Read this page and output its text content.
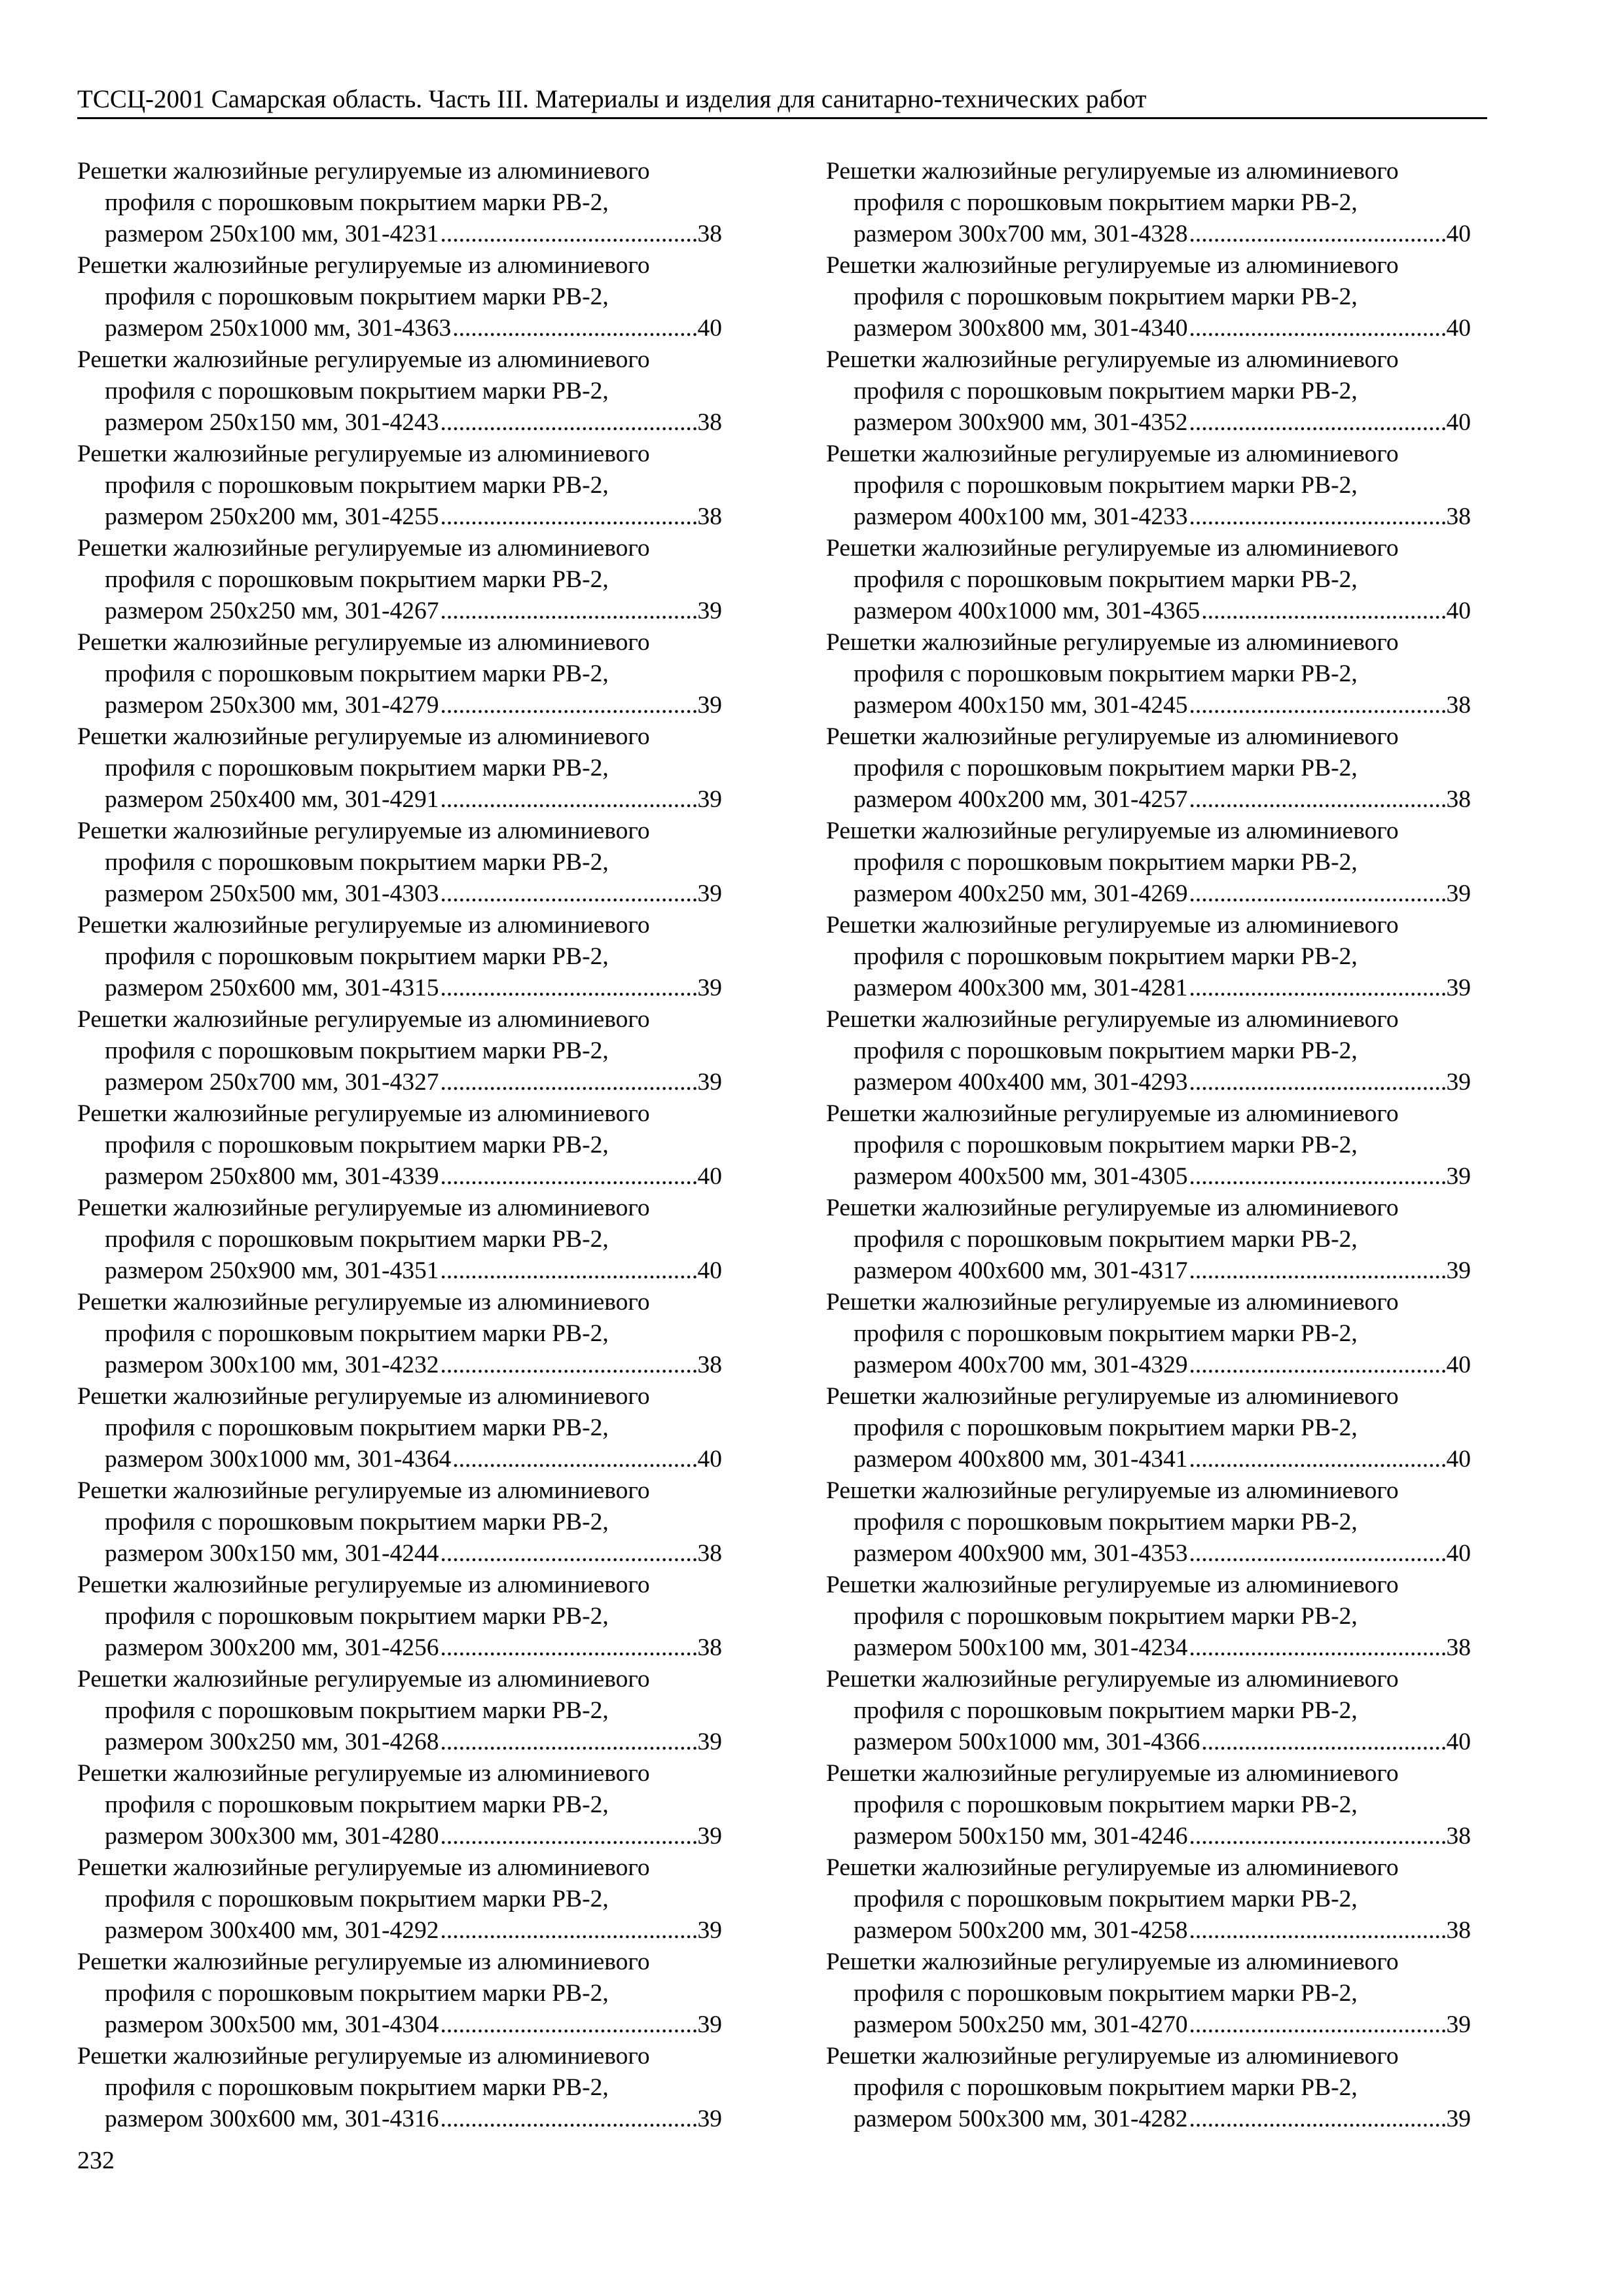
ТССЦ-2001 Самарская область. Часть III. Материалы и изделия для санитарно-технических работ
Решетки жалюзийные регулируемые из алюминиевого
профиля с порошковым покрытием марки РВ-2,
размером 250х100 мм, 301-4231 .....	38
Решетки жалюзийные регулируемые из алюминиевого
профиля с порошковым покрытием марки РВ-2,
размером 250х1000 мм, 301-4363 .....	40
Решетки жалюзийные регулируемые из алюминиевого
профиля с порошковым покрытием марки РВ-2,
размером 250х150 мм, 301-4243 .....	38
Решетки жалюзийные регулируемые из алюминиевого
профиля с порошковым покрытием марки РВ-2,
размером 250х200 мм, 301-4255 .....	38
Решетки жалюзийные регулируемые из алюминиевого
профиля с порошковым покрытием марки РВ-2,
размером 250х250 мм, 301-4267 .....	39
Решетки жалюзийные регулируемые из алюминиевого
профиля с порошковым покрытием марки РВ-2,
размером 250х300 мм, 301-4279 .....	39
Решетки жалюзийные регулируемые из алюминиевого
профиля с порошковым покрытием марки РВ-2,
размером 250х400 мм, 301-4291 .....	39
Решетки жалюзийные регулируемые из алюминиевого
профиля с порошковым покрытием марки РВ-2,
размером 250х500 мм, 301-4303 .....	39
Решетки жалюзийные регулируемые из алюминиевого
профиля с порошковым покрытием марки РВ-2,
размером 250х600 мм, 301-4315 .....	39
Решетки жалюзийные регулируемые из алюминиевого
профиля с порошковым покрытием марки РВ-2,
размером 250х700 мм, 301-4327 .....	39
Решетки жалюзийные регулируемые из алюминиевого
профиля с порошковым покрытием марки РВ-2,
размером 250х800 мм, 301-4339 .....	40
Решетки жалюзийные регулируемые из алюминиевого
профиля с порошковым покрытием марки РВ-2,
размером 250х900 мм, 301-4351 .....	40
Решетки жалюзийные регулируемые из алюминиевого
профиля с порошковым покрытием марки РВ-2,
размером 300х100 мм, 301-4232 .....	38
Решетки жалюзийные регулируемые из алюминиевого
профиля с порошковым покрытием марки РВ-2,
размером 300х1000 мм, 301-4364 .....	40
Решетки жалюзийные регулируемые из алюминиевого
профиля с порошковым покрытием марки РВ-2,
размером 300х150 мм, 301-4244 .....	38
Решетки жалюзийные регулируемые из алюминиевого
профиля с порошковым покрытием марки РВ-2,
размером 300х200 мм, 301-4256 .....	38
Решетки жалюзийные регулируемые из алюминиевого
профиля с порошковым покрытием марки РВ-2,
размером 300х250 мм, 301-4268 .....	39
Решетки жалюзийные регулируемые из алюминиевого
профиля с порошковым покрытием марки РВ-2,
размером 300х300 мм, 301-4280 .....	39
Решетки жалюзийные регулируемые из алюминиевого
профиля с порошковым покрытием марки РВ-2,
размером 300х400 мм, 301-4292 .....	39
Решетки жалюзийные регулируемые из алюминиевого
профиля с порошковым покрытием марки РВ-2,
размером 300х500 мм, 301-4304 .....	39
Решетки жалюзийные регулируемые из алюминиевого
профиля с порошковым покрытием марки РВ-2,
размером 300х600 мм, 301-4316 .....	39
Решетки жалюзийные регулируемые из алюминиевого
профиля с порошковым покрытием марки РВ-2,
размером 300х700 мм, 301-4328 .....	40
Решетки жалюзийные регулируемые из алюминиевого
профиля с порошковым покрытием марки РВ-2,
размером 300х800 мм, 301-4340 .....	40
Решетки жалюзийные регулируемые из алюминиевого
профиля с порошковым покрытием марки РВ-2,
размером 300х900 мм, 301-4352 .....	40
Решетки жалюзийные регулируемые из алюминиевого
профиля с порошковым покрытием марки РВ-2,
размером 400х100 мм, 301-4233 .....	38
Решетки жалюзийные регулируемые из алюминиевого
профиля с порошковым покрытием марки РВ-2,
размером 400х1000 мм, 301-4365 .....	40
Решетки жалюзийные регулируемые из алюминиевого
профиля с порошковым покрытием марки РВ-2,
размером 400х150 мм, 301-4245 .....	38
Решетки жалюзийные регулируемые из алюминиевого
профиля с порошковым покрытием марки РВ-2,
размером 400х200 мм, 301-4257 .....	38
Решетки жалюзийные регулируемые из алюминиевого
профиля с порошковым покрытием марки РВ-2,
размером 400х250 мм, 301-4269 .....	39
Решетки жалюзийные регулируемые из алюминиевого
профиля с порошковым покрытием марки РВ-2,
размером 400х300 мм, 301-4281 .....	39
Решетки жалюзийные регулируемые из алюминиевого
профиля с порошковым покрытием марки РВ-2,
размером 400х400 мм, 301-4293 .....	39
Решетки жалюзийные регулируемые из алюминиевого
профиля с порошковым покрытием марки РВ-2,
размером 400х500 мм, 301-4305 .....	39
Решетки жалюзийные регулируемые из алюминиевого
профиля с порошковым покрытием марки РВ-2,
размером 400х600 мм, 301-4317 .....	39
Решетки жалюзийные регулируемые из алюминиевого
профиля с порошковым покрытием марки РВ-2,
размером 400х700 мм, 301-4329 .....	40
Решетки жалюзийные регулируемые из алюминиевого
профиля с порошковым покрытием марки РВ-2,
размером 400х800 мм, 301-4341 .....	40
Решетки жалюзийные регулируемые из алюминиевого
профиля с порошковым покрытием марки РВ-2,
размером 400х900 мм, 301-4353 .....	40
Решетки жалюзийные регулируемые из алюминиевого
профиля с порошковым покрытием марки РВ-2,
размером 500х100 мм, 301-4234 .....	38
Решетки жалюзийные регулируемые из алюминиевого
профиля с порошковым покрытием марки РВ-2,
размером 500х1000 мм, 301-4366 .....	40
Решетки жалюзийные регулируемые из алюминиевого
профиля с порошковым покрытием марки РВ-2,
размером 500х150 мм, 301-4246 .....	38
Решетки жалюзийные регулируемые из алюминиевого
профиля с порошковым покрытием марки РВ-2,
размером 500х200 мм, 301-4258 .....	38
Решетки жалюзийные регулируемые из алюминиевого
профиля с порошковым покрытием марки РВ-2,
размером 500х250 мм, 301-4270 .....	39
Решетки жалюзийные регулируемые из алюминиевого
профиля с порошковым покрытием марки РВ-2,
размером 500х300 мм, 301-4282 .....	39
232
